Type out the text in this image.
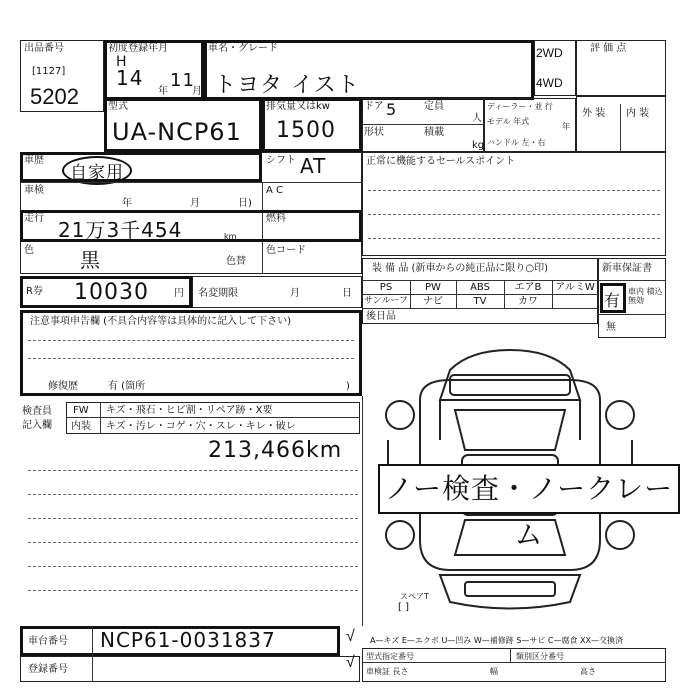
出品番号
[1127]
5202
初度登録年月
H
14
年
11
月
車名・グレード
トヨタ イスト
2WD
4WD
評 価 点
型式
UA-NCP61
排気量又はkw
1500
ドア 5	定員
人
形状	積載
kg
ディーラー・並 行
モデル 年式
年
ハンドル 左・右
外 装 内 装
車歴
自家用
シフト AT
車検
年	月	日)
A C
走行 21万3千454	km
燃料
色 黒	色替
色コード
R券 10030	円 名変期限	月	日
注意事項申告欄 (不具合内容等は具体的に記入して下さい)
修復歴	有 (箇所	)
検査員 記入欄
FW キズ・飛石・ヒビ割・リペア跡・X要
内装 キズ・汚レ・コゲ・穴・スレ・キレ・破レ
213,466km
正常に機能するセールスポイント
装 備 品 (新車からの純正品に限り○印)
PS	PW	ABS	エアB	アルミW
サンルーフ	ナビ	TV	カワ
後日品
新車保証書
有 車内 積込無効
無
ノー検査・ノークレーム
スペアT
[ ]
車台番号 NCP61-0031837	√
登録番号	√
A—キズ E—エクボ U—凹み W—補修跡 S—サビ C—腐食 XX—交換済
型式指定番号	類別区分番号
車検証 長さ	幅	高さ
